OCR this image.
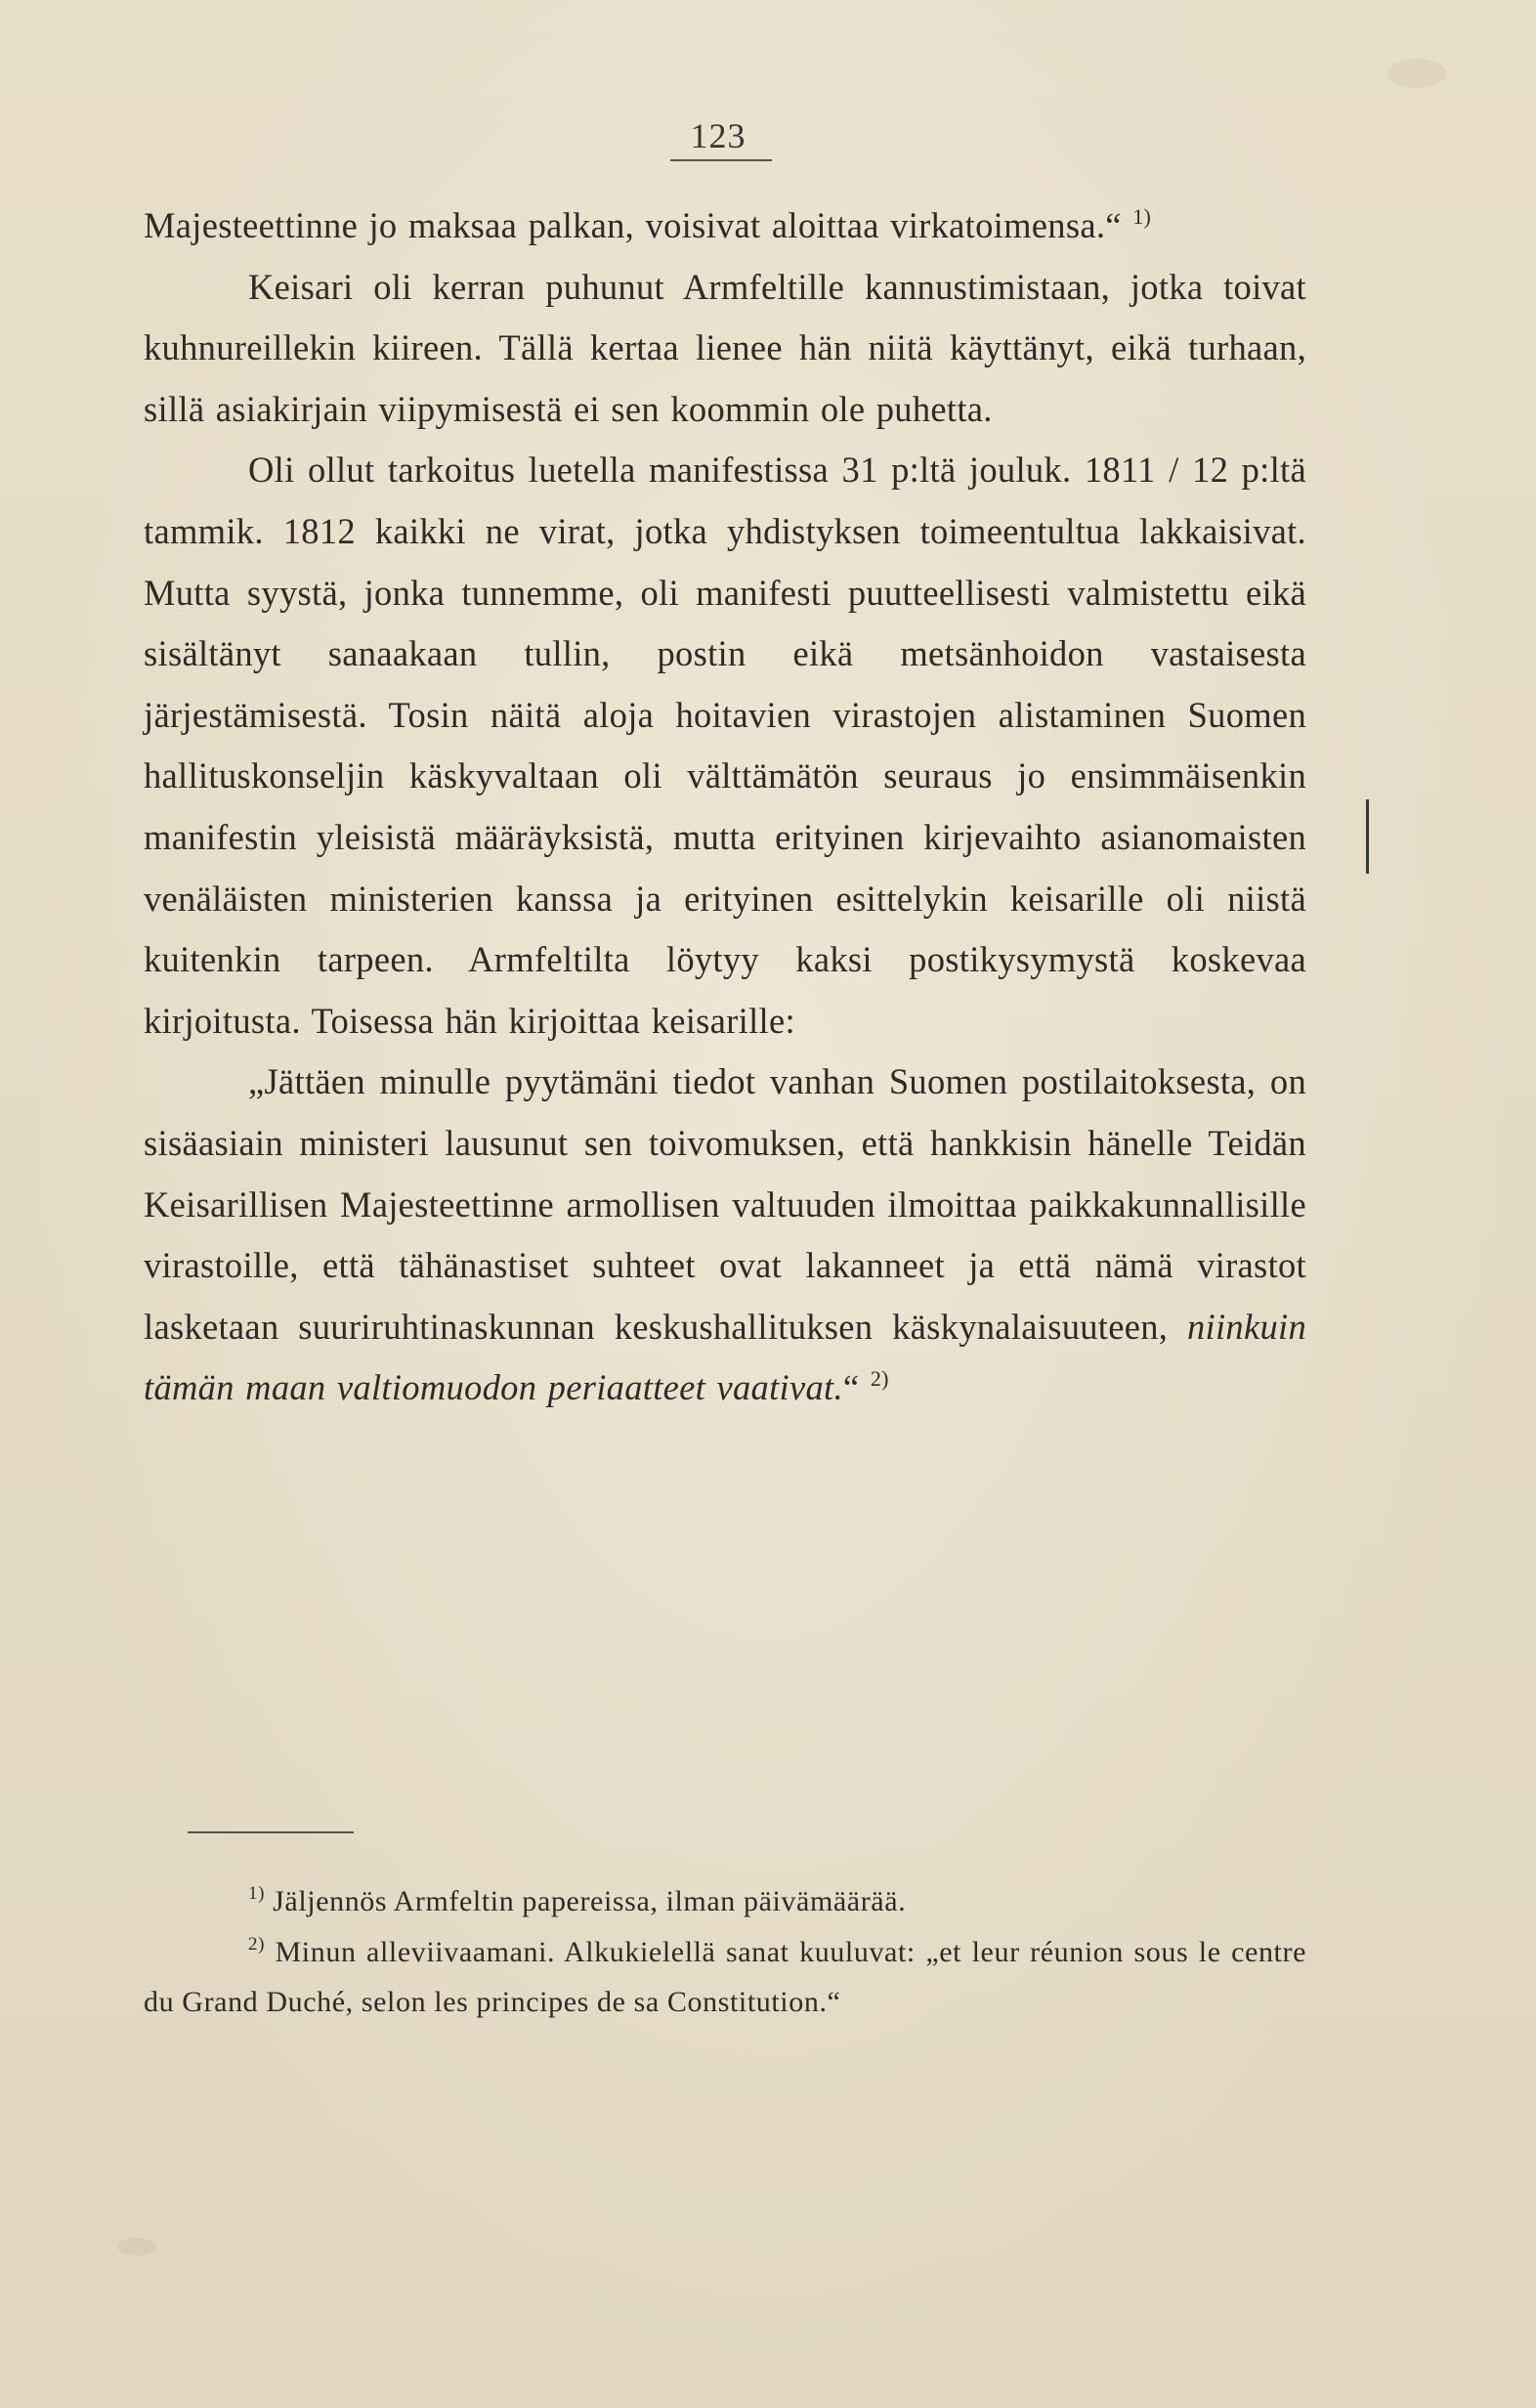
123

Majesteettinne jo maksaa palkan, voisivat aloittaa virkatoimensa.“ $^{1)}$

Keisari oli kerran puhunut Armfeltille kannustimistaan, jotka toivat kuhnureillekin kiireen. Tällä kertaa lienee hän niitä käyttänyt, eikä turhaan, sillä asiakirjain viipymisestä ei sen koommin ole puhetta.

Oli ollut tarkoitus luetella manifestissa 31 p:ltä jouluk. 1811 / 12 p:ltä tammik. 1812 kaikki ne virat, jotka yhdistyksen toimeentultua lakkaisivat. Mutta syystä, jonka tunnemme, oli manifesti puutteellisesti valmistettu eikä sisältänyt sanaakaan tullin, postin eikä metsänhoidon vastaisesta järjestämisestä. Tosin näitä aloja hoitavien virastojen alistaminen Suomen hallituskonseljin käskyvaltaan oli välttämätön seuraus jo ensimmäisenkin manifestin yleisistä määräyksistä, mutta erityinen kirjevaihto asianomaisten venäläisten ministerien kanssa ja erityinen esittelykin keisarille oli niistä kuitenkin tarpeen. Armfeltilta löytyy kaksi postikysymystä koskevaa kirjoitusta. Toisessa hän kirjoittaa keisarille:

„Jättäen minulle pyytämäni tiedot vanhan Suomen postilaitoksesta, on sisäasiain ministeri lausunut sen toivomuksen, että hankkisin hänelle Teidän Keisarillisen Majesteettinne armollisen valtuuden ilmoittaa paikkakunnallisille virastoille, että tähänastiset suhteet ovat lakanneet ja että nämä virastot lasketaan suuriruhtinaskunnan keskushallituksen käskynalaisuuteen, niinkuin tämän maan valtiomuodon periaatteet vaativat.“ $^{2)}$

$^{1)}$ Jäljennös Armfeltin papereissa, ilman päivämäärää.

$^{2)}$ Minun alleviivaamani. Alkukielellä sanat kuuluvat: „et leur réunion sous le centre du Grand Duché, selon les principes de sa Constitution.“
